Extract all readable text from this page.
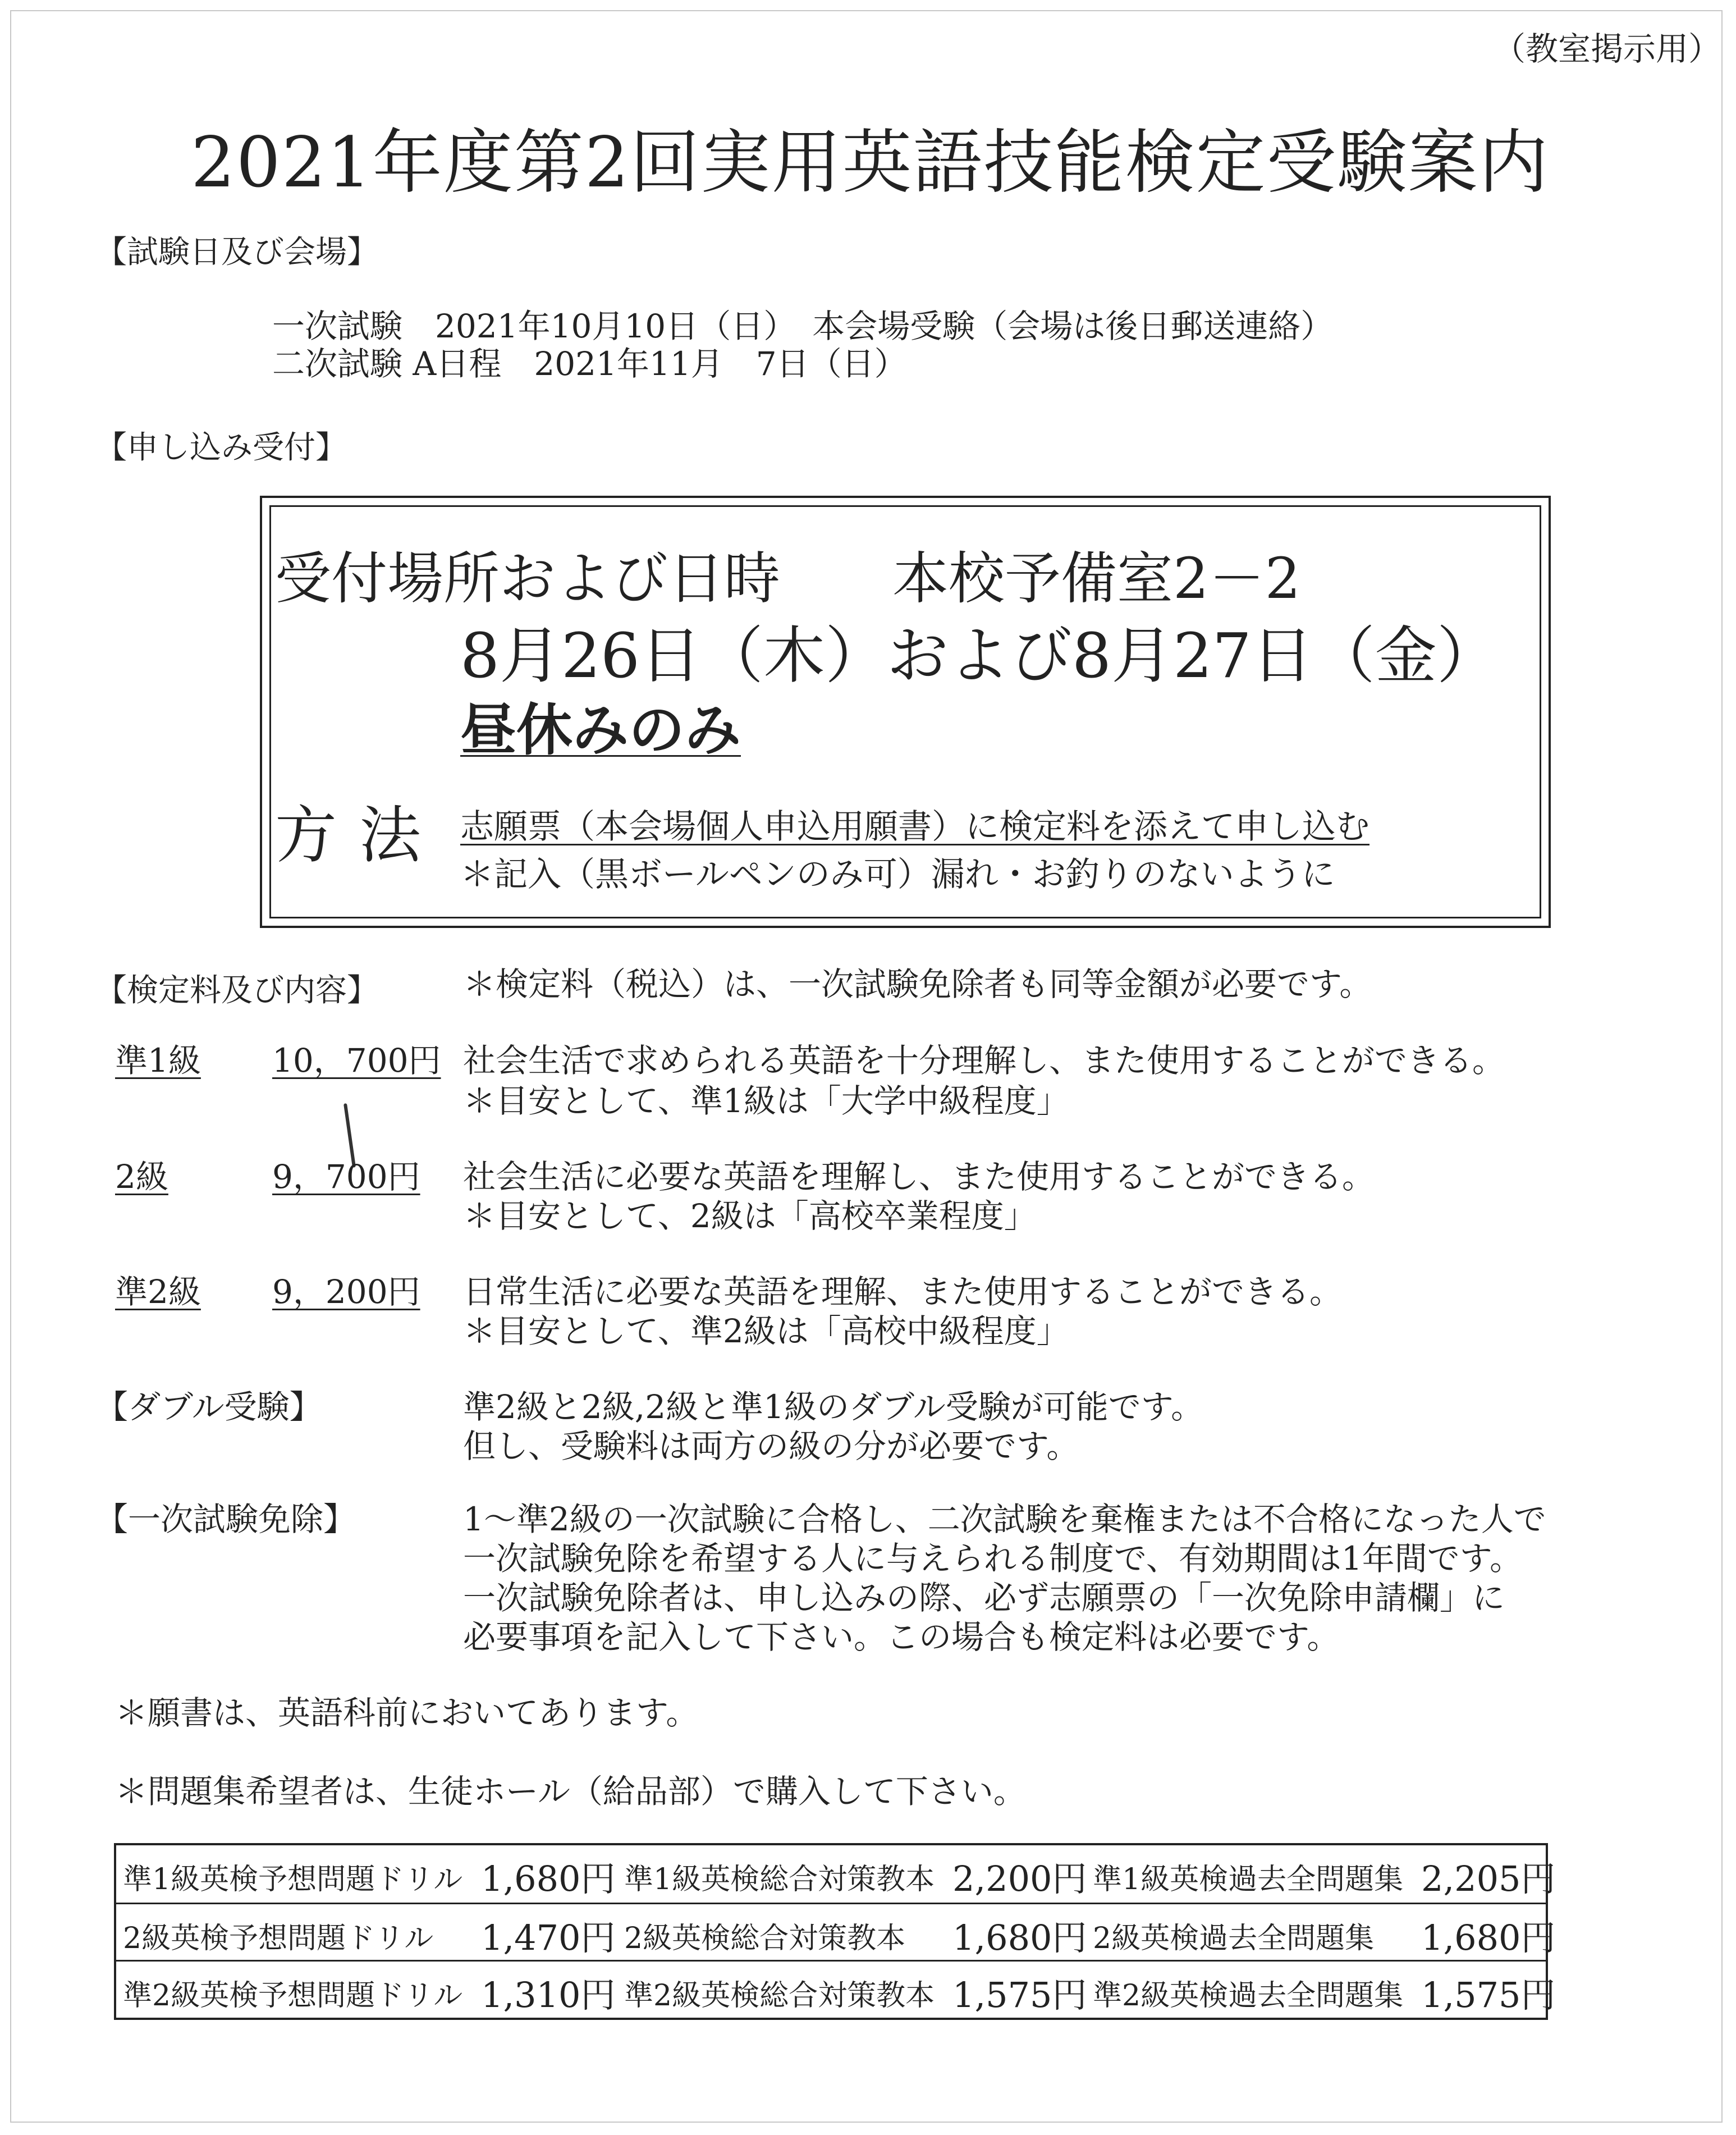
（教室掲示用）
2021年度第2回実用英語技能検定受験案内
【試験日及び会場】
一次試験　2021年10月10日（日）　本会場受験（会場は後日郵送連絡）
二次試験 A日程　2021年11月　7日（日）
【申し込み受付】
受付場所および日時　　本校予備室2－2
8月26日（木）および8月27日（金）
昼休みのみ
方法 志願票（本会場個人申込用願書）に検定料を添えて申し込む
＊記入（黒ボールペンのみ可）漏れ・お釣りのないように
【検定料及び内容】	＊検定料（税込）は、一次試験免除者も同等金額が必要です。
準1級 10，700円 社会生活で求められる英語を十分理解し、また使用することができる。
＊目安として、準1級は「大学中級程度」
2級	9，700円 社会生活に必要な英語を理解し、また使用することができる。
＊目安として、2級は「高校卒業程度」
準2級 9，200円 日常生活に必要な英語を理解、また使用することができる。
＊目安として、準2級は「高校中級程度」
【ダブル受験】	準2級と2級,2級と準1級のダブル受験が可能です。
但し、受験料は両方の級の分が必要です。
【一次試験免除】	1～準2級の一次試験に合格し、二次試験を棄権または不合格になった人で
一次試験免除を希望する人に与えられる制度で、有効期間は1年間です。
一次試験免除者は、申し込みの際、必ず志願票の「一次免除申請欄」に
必要事項を記入して下さい。この場合も検定料は必要です。
＊願書は、英語科前においてあります。
＊問題集希望者は、生徒ホール（給品部）で購入して下さい。
準1級英検予想問題ドリル 1,680円 準1級英検総合対策教本 2,200円 準1級英検過去全問題集 2,205円
2級英検予想問題ドリル 1,470円 2級英検総合対策教本 1,680円 2級英検過去全問題集 1,680円
準2級英検予想問題ドリル 1,310円 準2級英検総合対策教本 1,575円 準2級英検過去全問題集 1,575円
